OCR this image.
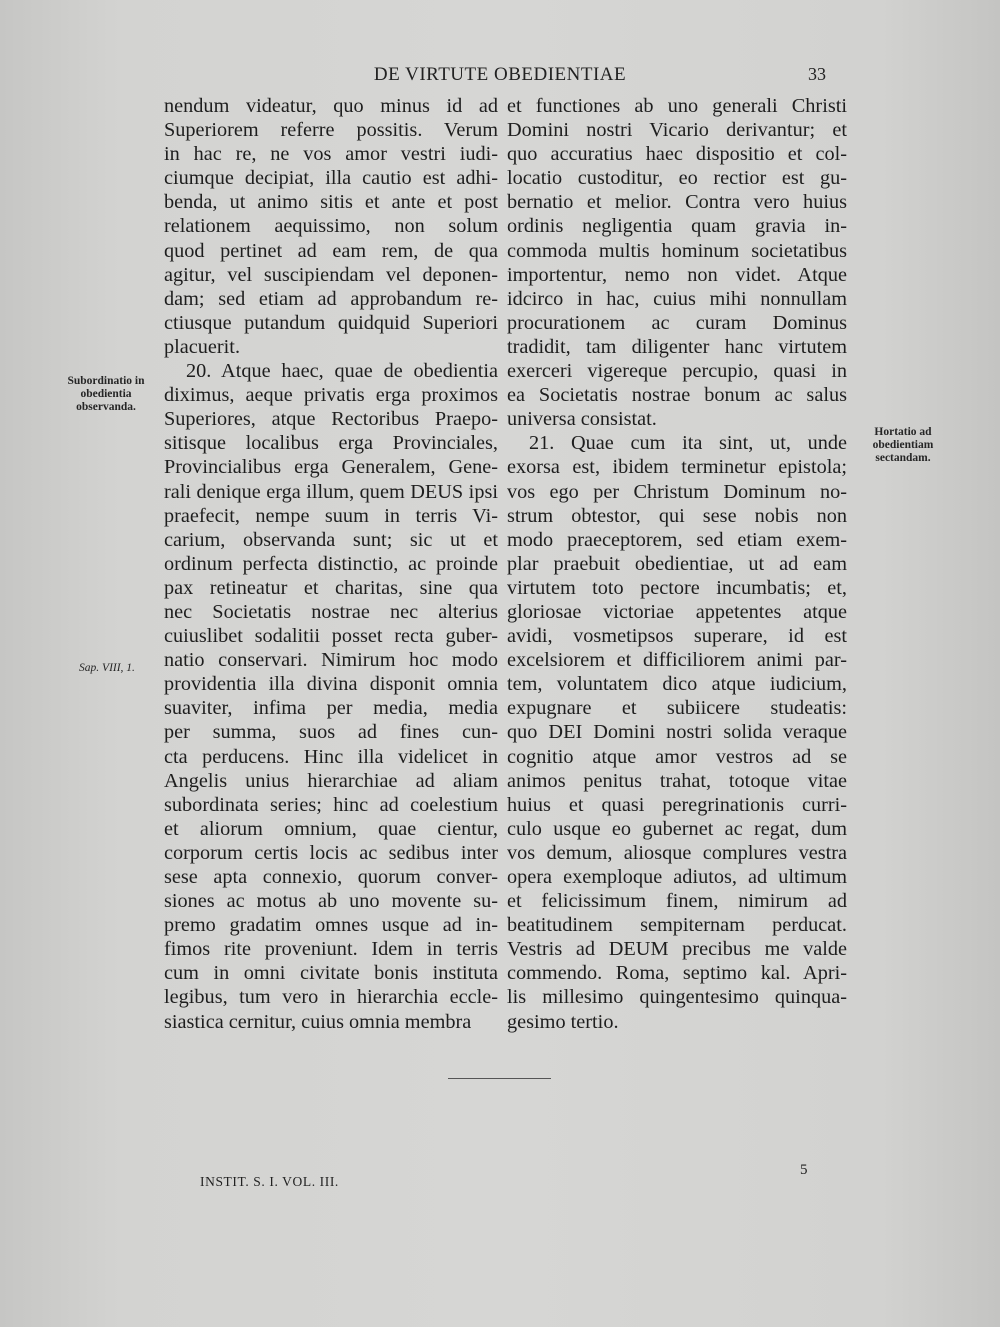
DE VIRTUTE OBEDIENTIAE	33
Subordinatio in obedientia observanda.
Sap. VIII, 1.
Hortatio ad obedientiam sectandam.
nendum videatur, quo minus id ad
Superiorem referre possitis. Verum
in hac re, ne vos amor vestri iudi-
ciumque decipiat, illa cautio est adhi-
benda, ut animo sitis et ante et post
relationem aequissimo, non solum
quod pertinet ad eam rem, de qua
agitur, vel suscipiendam vel deponen-
dam; sed etiam ad approbandum re-
ctiusque putandum quidquid Superiori
placuerit.
20. Atque haec, quae de obedientia
diximus, aeque privatis erga proximos
Superiores, atque Rectoribus Praepo-
sitisque localibus erga Provinciales,
Provincialibus erga Generalem, Gene-
rali denique erga illum, quem DEUS ipsi
praefecit, nempe suum in terris Vi-
carium, observanda sunt; sic ut et
ordinum perfecta distinctio, ac proinde
pax retineatur et charitas, sine qua
nec Societatis nostrae nec alterius
cuiuslibet sodalitii posset recta guber-
natio conservari. Nimirum hoc modo
providentia illa divina disponit omnia
suaviter, infima per media, media
per summa, suos ad fines cun-
cta perducens. Hinc illa videlicet in
Angelis unius hierarchiae ad aliam
subordinata series; hinc ad coelestium
et aliorum omnium, quae cientur,
corporum certis locis ac sedibus inter
sese apta connexio, quorum conver-
siones ac motus ab uno movente su-
premo gradatim omnes usque ad in-
fimos rite proveniunt. Idem in terris
cum in omni civitate bonis instituta
legibus, tum vero in hierarchia eccle-
siastica cernitur, cuius omnia membra
et functiones ab uno generali Christi
Domini nostri Vicario derivantur; et
quo accuratius haec dispositio et col-
locatio custoditur, eo rectior est gu-
bernatio et melior. Contra vero huius
ordinis negligentia quam gravia in-
commoda multis hominum societatibus
importentur, nemo non videt. Atque
idcirco in hac, cuius mihi nonnullam
procurationem ac curam Dominus
tradidit, tam diligenter hanc virtutem
exerceri vigereque percupio, quasi in
ea Societatis nostrae bonum ac salus
universa consistat.
21. Quae cum ita sint, ut, unde
exorsa est, ibidem terminetur epistola;
vos ego per Christum Dominum no-
strum obtestor, qui sese nobis non
modo praeceptorem, sed etiam exem-
plar praebuit obedientiae, ut ad eam
virtutem toto pectore incumbatis; et,
gloriosae victoriae appetentes atque
avidi, vosmetipsos superare, id est
excelsiorem et difficiliorem animi par-
tem, voluntatem dico atque iudicium,
expugnare et subiicere studeatis:
quo DEI Domini nostri solida veraque
cognitio atque amor vestros ad se
animos penitus trahat, totoque vitae
huius et quasi peregrinationis curri-
culo usque eo gubernet ac regat, dum
vos demum, aliosque complures vestra
opera exemploque adiutos, ad ultimum
et felicissimum finem, nimirum ad
beatitudinem sempiternam perducat.
Vestris ad DEUM precibus me valde
commendo. Roma, septimo kal. Apri-
lis millesimo quingentesimo quinqua-
gesimo tertio.
INSTIT. S. I. VOL. III.
5
